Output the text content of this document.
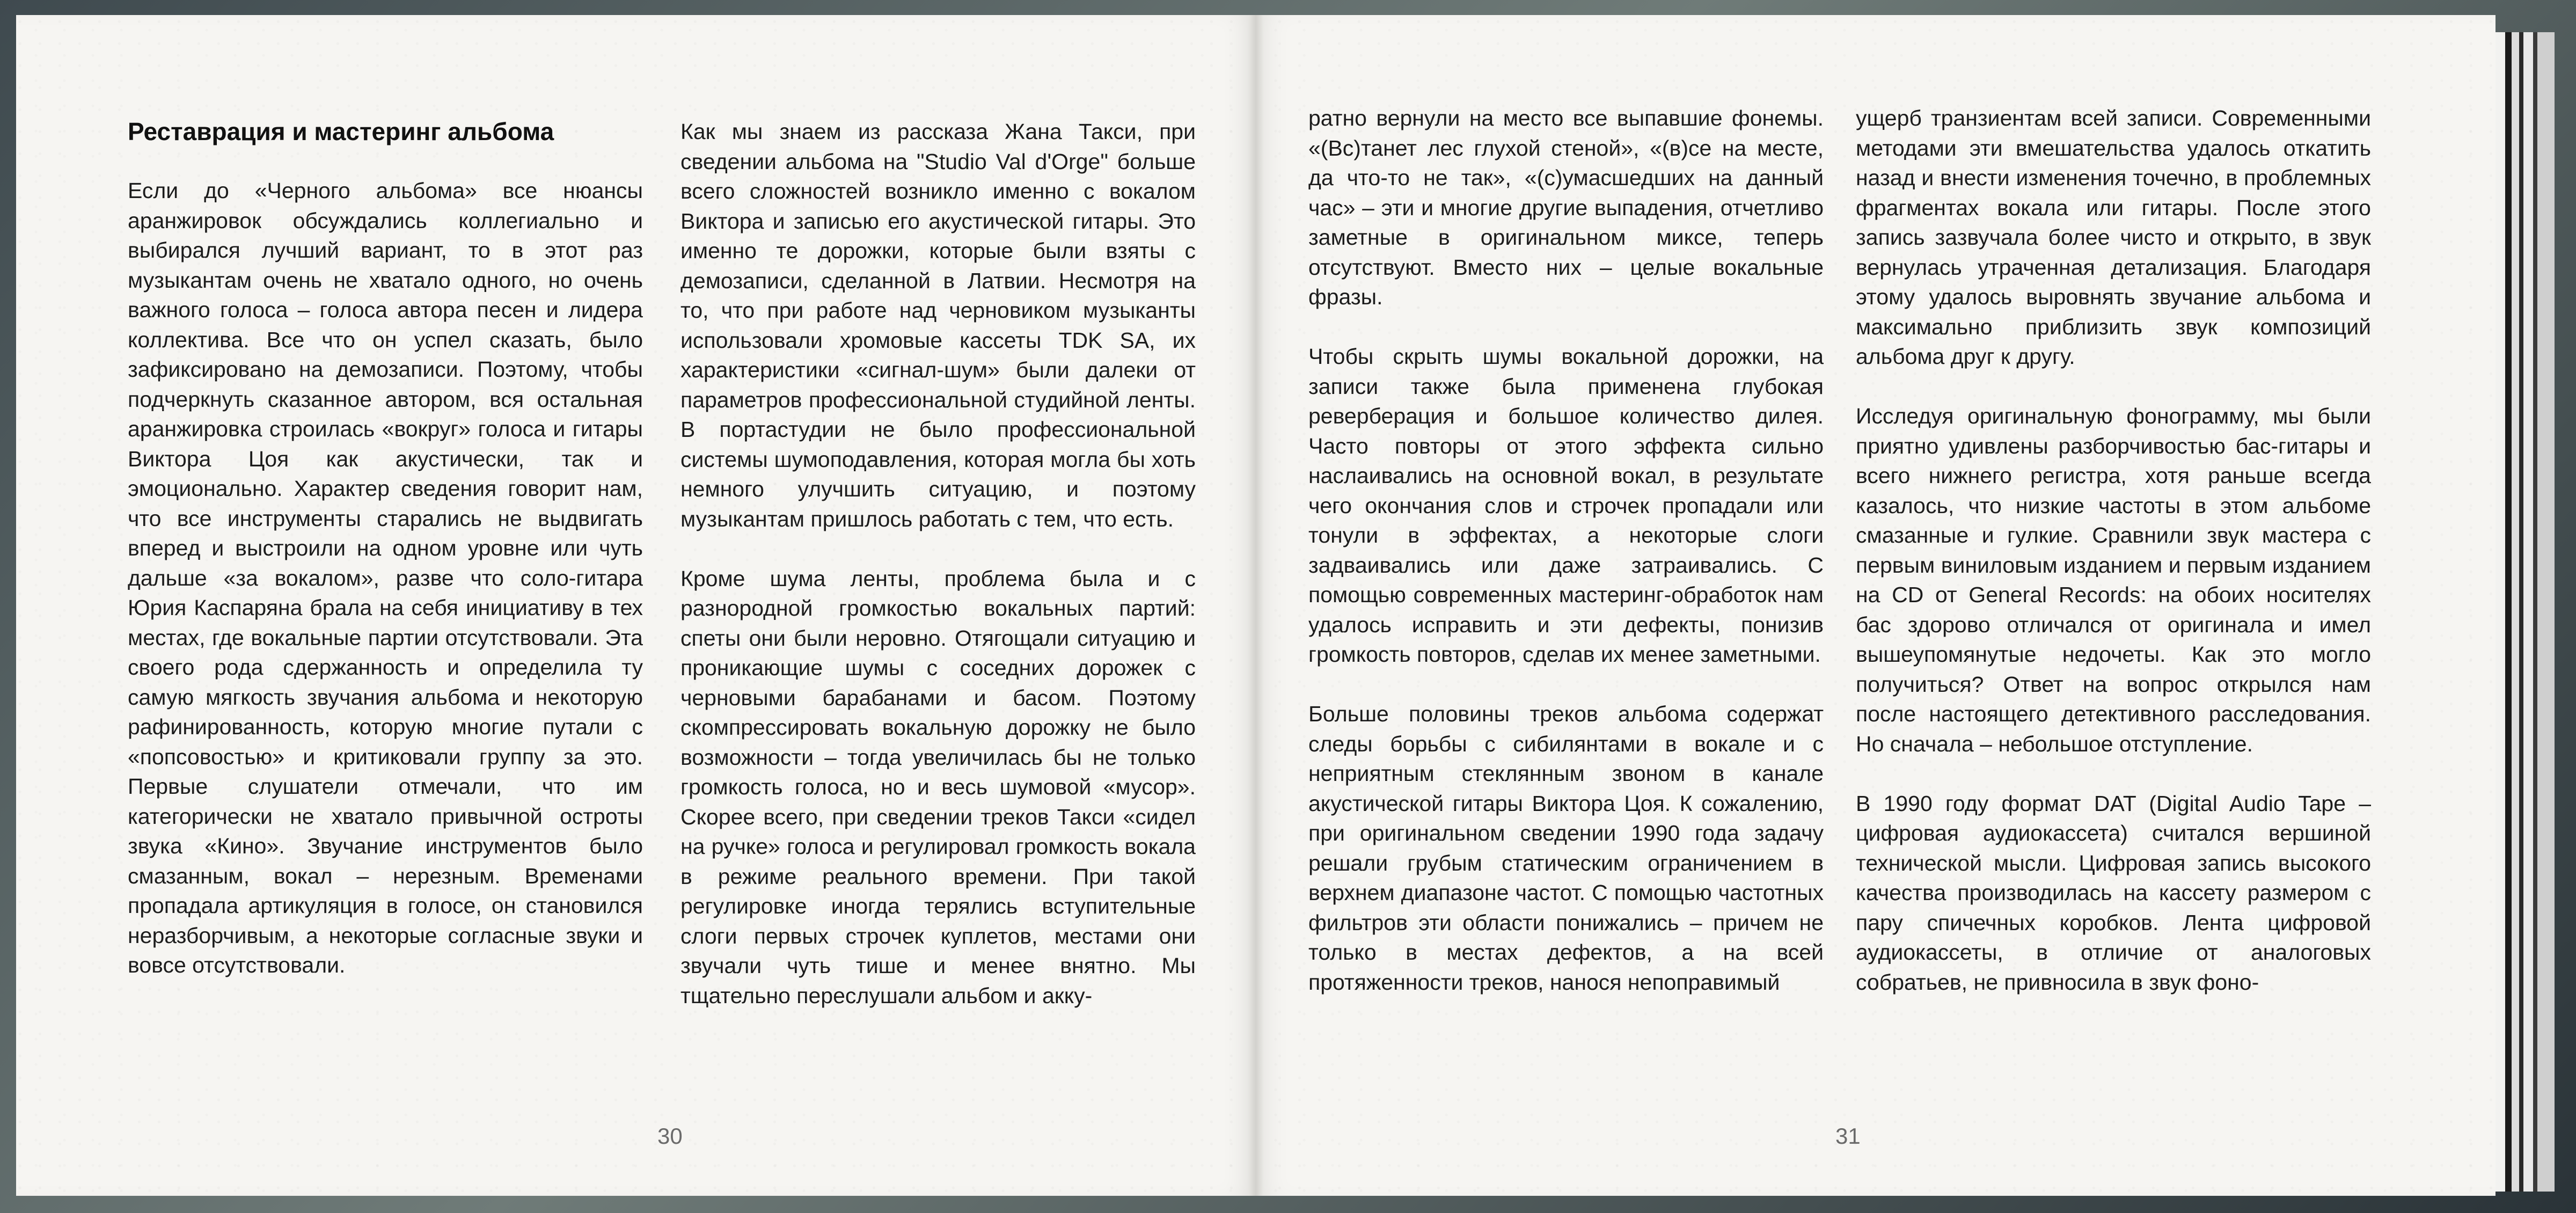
Реставрация и мастеринг альбома

Если до «Черного альбома» все нюансы аранжировок обсуждались коллегиально и выбирался лучший вариант, то в этот раз музыкантам очень не хватало одного, но очень важного голоса – голоса автора песен и лидера коллектива. Все что он успел сказать, было зафиксировано на демозаписи. Поэтому, чтобы подчеркнуть сказанное автором, вся остальная аранжировка строилась «вокруг» голоса и гитары Виктора Цоя как акустически, так и эмоционально. Характер сведения говорит нам, что все инструменты старались не выдвигать вперед и выстроили на одном уровне или чуть дальше «за вокалом», разве что соло-гитара Юрия Каспаряна брала на себя инициативу в тех местах, где вокальные партии отсутствовали. Эта своего рода сдержанность и определила ту самую мягкость звучания альбома и некоторую рафинированность, которую многие путали с «попсовостью» и критиковали группу за это. Первые слушатели отмечали, что им категорически не хватало привычной остроты звука «Кино». Звучание инструментов было смазанным, вокал – нерезным. Временами пропадала артикуляция в голосе, он становился неразборчивым, а некоторые согласные звуки и вовсе отсутствовали.

Как мы знаем из рассказа Жана Такси, при сведении альбома на "Studio Val d'Orge" больше всего сложностей возникло именно с вокалом Виктора и записью его акустической гитары. Это именно те дорожки, которые были взяты с демозаписи, сделанной в Латвии. Несмотря на то, что при работе над черновиком музыканты использовали хромовые кассеты TDK SA, их характеристики «сигнал-шум» были далеки от параметров профессиональной студийной ленты. В портастудии не было профессиональной системы шумоподавления, которая могла бы хоть немного улучшить ситуацию, и поэтому музыкантам пришлось работать с тем, что есть.

Кроме шума ленты, проблема была и с разнородной громкостью вокальных партий: спеты они были неровно. Отягощали ситуацию и проникающие шумы с соседних дорожек с черновыми барабанами и басом. Поэтому скомпрессировать вокальную дорожку не было возможности – тогда увеличилась бы не только громкость голоса, но и весь шумовой «мусор». Скорее всего, при сведении треков Такси «сидел на ручке» голоса и регулировал громкость вокала в режиме реального времени. При такой регулировке иногда терялись вступительные слоги первых строчек куплетов, местами они звучали чуть тише и менее внятно. Мы тщательно переслушали альбом и акку-

30

ратно вернули на место все выпавшие фонемы. «(Вс)танет лес глухой стеной», «(в)се на месте, да что-то не так», «(с)умасшедших на данный час» – эти и многие другие выпадения, отчетливо заметные в оригинальном миксе, теперь отсутствуют. Вместо них – целые вокальные фразы.

Чтобы скрыть шумы вокальной дорожки, на записи также была применена глубокая реверберация и большое количество дилея. Часто повторы от этого эффекта сильно наслаивались на основной вокал, в результате чего окончания слов и строчек пропадали или тонули в эффектах, а некоторые слоги задваивались или даже затраивались. С помощью современных мастеринг-обработок нам удалось исправить и эти дефекты, понизив громкость повторов, сделав их менее заметными.

Больше половины треков альбома содержат следы борьбы с сибилянтами в вокале и с неприятным стеклянным звоном в канале акустической гитары Виктора Цоя. К сожалению, при оригинальном сведении 1990 года задачу решали грубым статическим ограничением в верхнем диапазоне частот. С помощью частотных фильтров эти области понижались – причем не только в местах дефектов, а на всей протяженности треков, нанося непоправимый

ущерб транзиентам всей записи. Современными методами эти вмешательства удалось откатить назад и внести изменения точечно, в проблемных фрагментах вокала или гитары. После этого запись зазвучала более чисто и открыто, в звук вернулась утраченная детализация. Благодаря этому удалось выровнять звучание альбома и максимально приблизить звук композиций альбома друг к другу.

Исследуя оригинальную фонограмму, мы были приятно удивлены разборчивостью бас-гитары и всего нижнего регистра, хотя раньше всегда казалось, что низкие частоты в этом альбоме смазанные и гулкие. Сравнили звук мастера с первым виниловым изданием и первым изданием на CD от General Records: на обоих носителях бас здорово отличался от оригинала и имел вышеупомянутые недочеты. Как это могло получиться? Ответ на вопрос открылся нам после настоящего детективного расследования. Но сначала – небольшое отступление.

В 1990 году формат DAT (Digital Audio Tape – цифровая аудиокассета) считался вершиной технической мысли. Цифровая запись высокого качества производилась на кассету размером с пару спичечных коробков. Лента цифровой аудиокассеты, в отличие от аналоговых собратьев, не привносила в звук фоно-

31
